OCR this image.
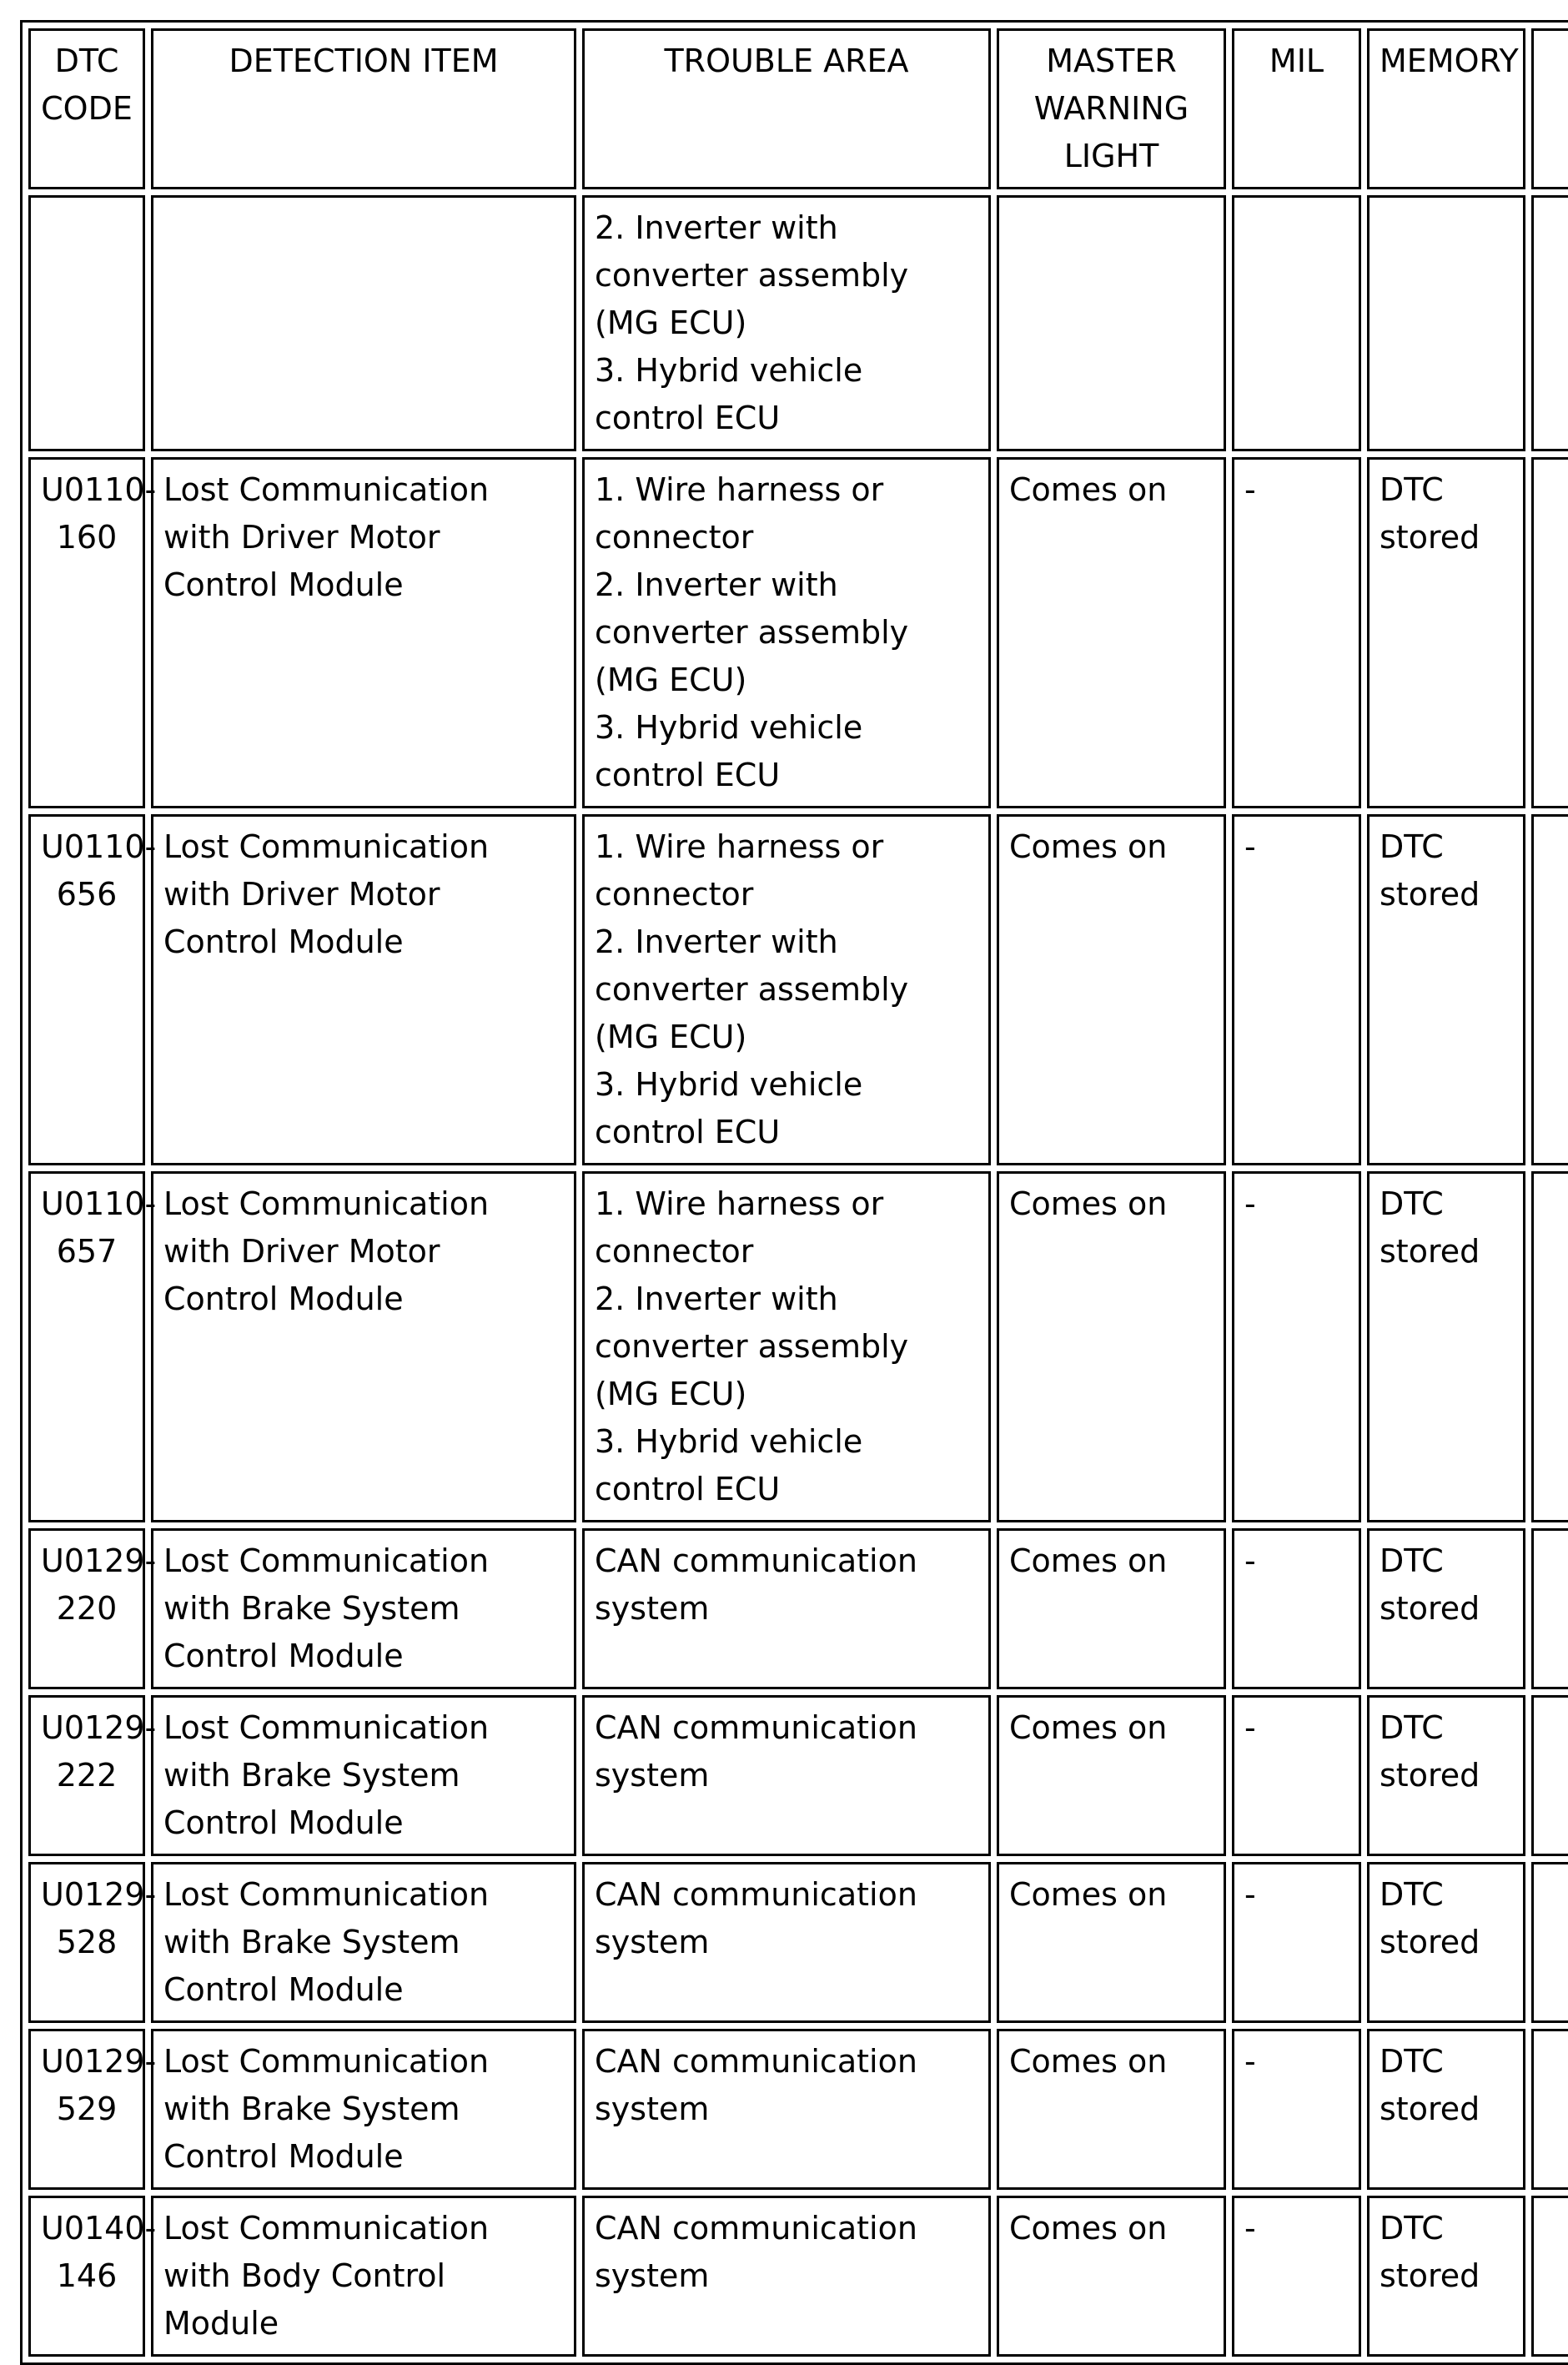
DTC CODE	DETECTION ITEM	TROUBLE AREA	MASTER WARNING LIGHT	MIL	MEMORY	

		2. Inverter with converter assembly (MG ECU)
3. Hybrid vehicle control ECU				

U0110-160	Lost Communication with Driver Motor Control Module	1. Wire harness or connector
2. Inverter with converter assembly (MG ECU)
3. Hybrid vehicle control ECU	Comes on	-	DTC stored	
U0110-656	Lost Communication with Driver Motor Control Module	1. Wire harness or connector
2. Inverter with converter assembly (MG ECU)
3. Hybrid vehicle control ECU	Comes on	-	DTC stored	
U0110-657	Lost Communication with Driver Motor Control Module	1. Wire harness or connector
2. Inverter with converter assembly (MG ECU)
3. Hybrid vehicle control ECU	Comes on	-	DTC stored	
U0129-220	Lost Communication with Brake System Control Module	CAN communication system	Comes on	-	DTC stored	
U0129-222	Lost Communication with Brake System Control Module	CAN communication system	Comes on	-	DTC stored	
U0129-528	Lost Communication with Brake System Control Module	CAN communication system	Comes on	-	DTC stored	
U0129-529	Lost Communication with Brake System Control Module	CAN communication system	Comes on	-	DTC stored	
U0140-146	Lost Communication with Body Control Module	CAN communication system	Comes on	-	DTC stored	
